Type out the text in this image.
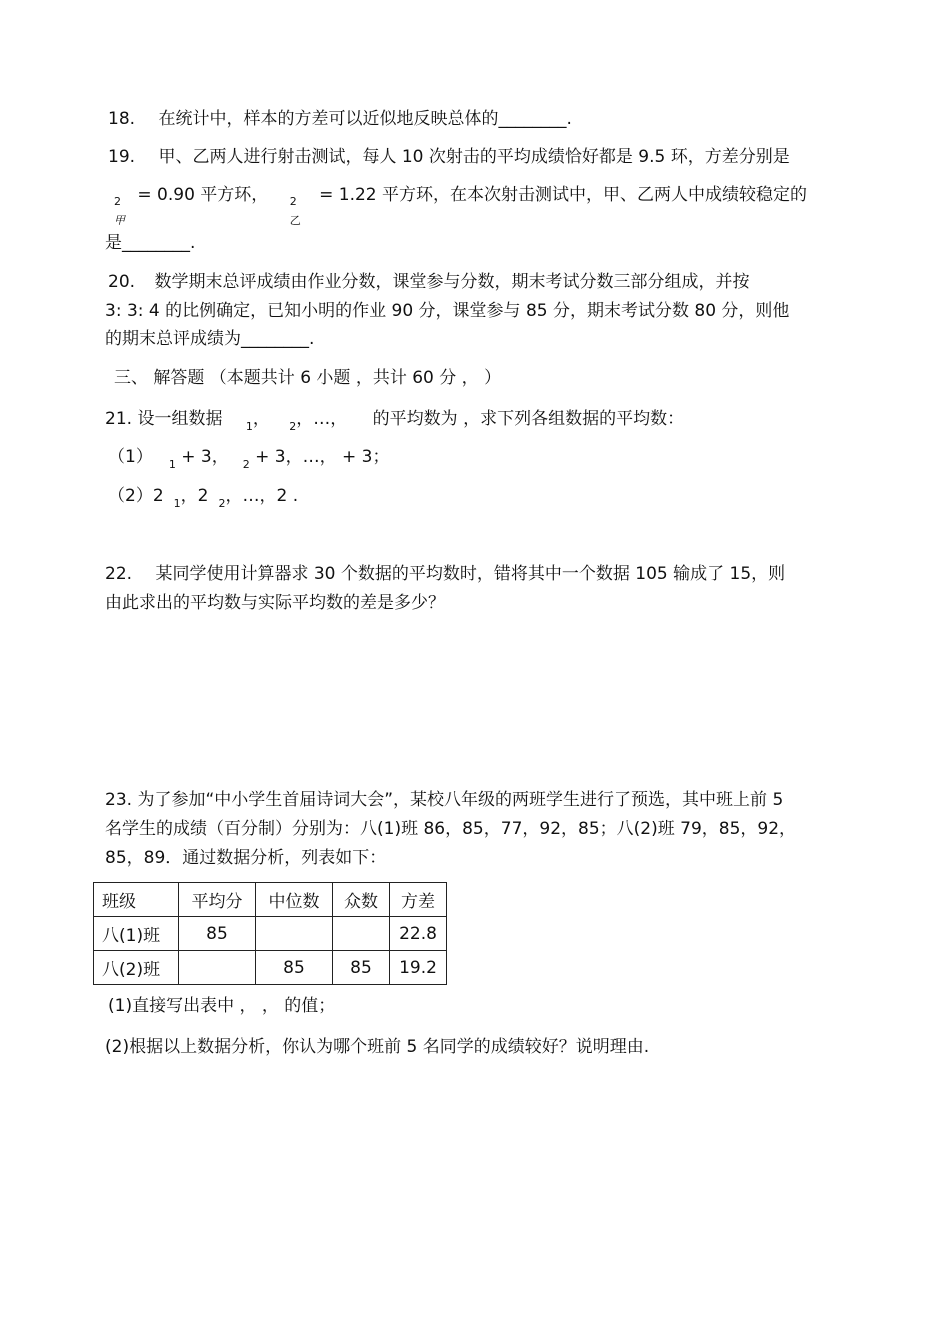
18. 在统计中，样本的方差可以近似地反映总体的________.
19. 甲、乙两人进行射击测试，每人 10 次射击的平均成绩恰好都是 9.5 环，方差分别是
2
甲
= 0.90 平方环， 2
乙
= 1.22 平方环，在本次射击测试中，甲、乙两人中成绩较稳定的
是________.
20. 数学期末总评成绩由作业分数，课堂参与分数，期末考试分数三部分组成，并按
3: 3: 4 的比例确定，已知小明的作业 90 分，课堂参与 85 分，期末考试分数 80 分，则他
的期末总评成绩为________.
三、 解答题 （本题共计 6 小题 ，共计 60 分 ， ）
21. 设一组数据 $_1$， $_2$，…， 的平均数为 ，求下列各组数据的平均数：
（1） $_1$ + 3， $_2$ + 3，…， + 3；
（2）2 $_1$，2 $_2$，…，2 .
22. 某同学使用计算器求 30 个数据的平均数时，错将其中一个数据 105 输成了 15，则
由此求出的平均数与实际平均数的差是多少？
23. 为了参加“中小学生首届诗词大会”，某校八年级的两班学生进行了预选，其中班上前 5
名学生的成绩（百分制）分别为：八(1)班 86，85，77，92，85；八(2)班 79，85，92，
85，89．通过数据分析，列表如下：
班级	平均分	中位数	众数	方差
八(1)班	85			22.8
八(2)班		85	85	19.2
(1)直接写出表中 ， ， 的值；
(2)根据以上数据分析，你认为哪个班前 5 名同学的成绩较好？说明理由.
